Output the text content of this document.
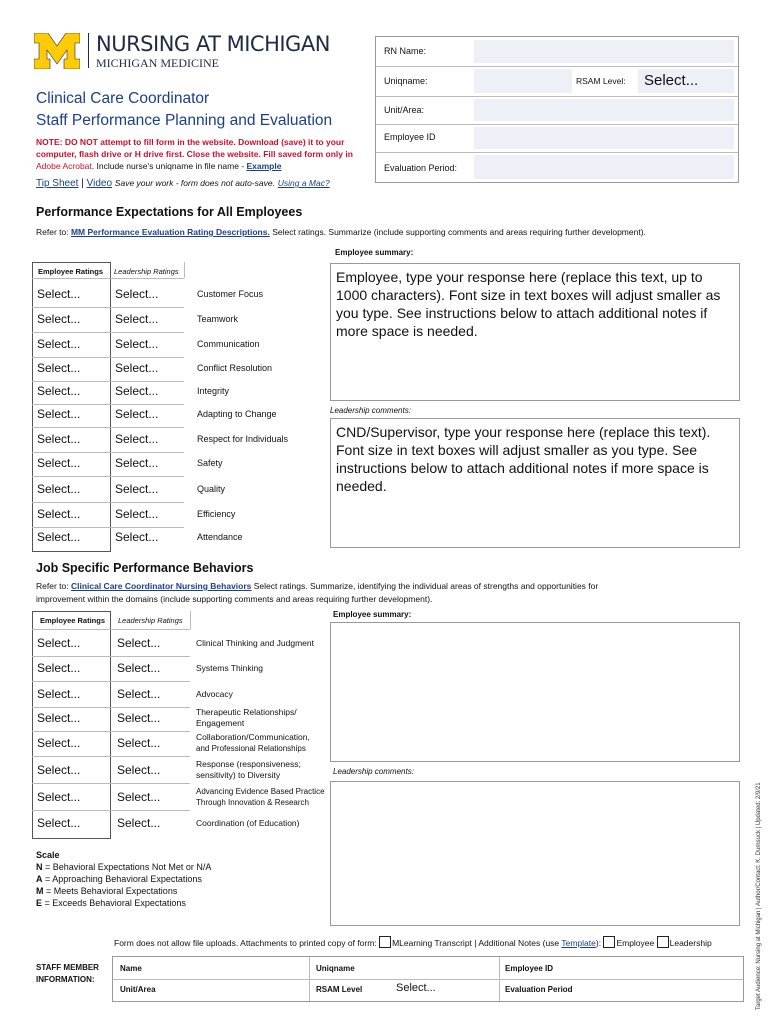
NURSING AT MICHIGAN
MICHIGAN MEDICINE
Clinical Care Coordinator
Staff Performance Planning and Evaluation
NOTE: DO NOT attempt to fill form in the website. Download (save) it to your computer, flash drive or H drive first. Close the website. Fill saved form only in Adobe Acrobat. Include nurse's uniqname in file name - Example
Tip Sheet | Video Save your work - form does not auto-save. Using a Mac?
RN Name:
Uniqname:	RSAM Level: Select...
Unit/Area:
Employee ID
Evaluation Period:
Performance Expectations for All Employees
Refer to: MM Performance Evaluation Rating Descriptions. Select ratings. Summarize (include supporting comments and areas requiring further development).
Employee Ratings Leadership Ratings
Select...	Select...	Customer Focus
Select...	Select...	Teamwork
Select...	Select...	Communication
Select...	Select...	Conflict Resolution
Select...	Select...	Integrity
Select...	Select...	Adapting to Change
Select...	Select...	Respect for Individuals
Select...	Select...	Safety
Select...	Select...	Quality
Select...	Select...	Efficiency
Select...	Select...	Attendance
Employee summary:
Employee, type your response here (replace this text, up to 1000 characters). Font size in text boxes will adjust smaller as you type. See instructions below to attach additional notes if more space is needed.
Leadership comments:
CND/Supervisor, type your response here (replace this text). Font size in text boxes will adjust smaller as you type. See instructions below to attach additional notes if more space is needed.
Job Specific Performance Behaviors
Refer to: Clinical Care Coordinator Nursing Behaviors Select ratings. Summarize, identifying the individual areas of strengths and opportunities for
improvement within the domains (include supporting comments and areas requiring further development).
Employee Ratings Leadership Ratings
Select...	Select...	Clinical Thinking and Judgment
Select...	Select...	Systems Thinking
Select...	Select...	Advocacy
Select...	Select...	Therapeutic Relationships/
Engagement
Select...	Select...	Collaboration/Communication,
and Professional Relationships
Select...	Select...	Response (responsiveness;
sensitivity) to Diversity
Select...	Select...	Advancing Evidence Based Practice
Through Innovation & Research
Select...	Select...	Coordination (of Education)
Employee summary:
Leadership comments:
Scale
N = Behavioral Expectations Not Met or N/A
A = Approaching Behavioral Expectations
M = Meets Behavioral Expectations
E = Exceeds Behavioral Expectations
Form does not allow file uploads. Attachments to printed copy of form: MLearning Transcript | Additional Notes (use Template): Employee Leadership
STAFF MEMBER
INFORMATION:
Name	Uniqname	Employee ID
Unit/Area	RSAM Level	Select...	Evaluation Period	Target Audience: Nursing at Michigan | Author/Contact: K. Durnsuck | Updated: 2/9/21
